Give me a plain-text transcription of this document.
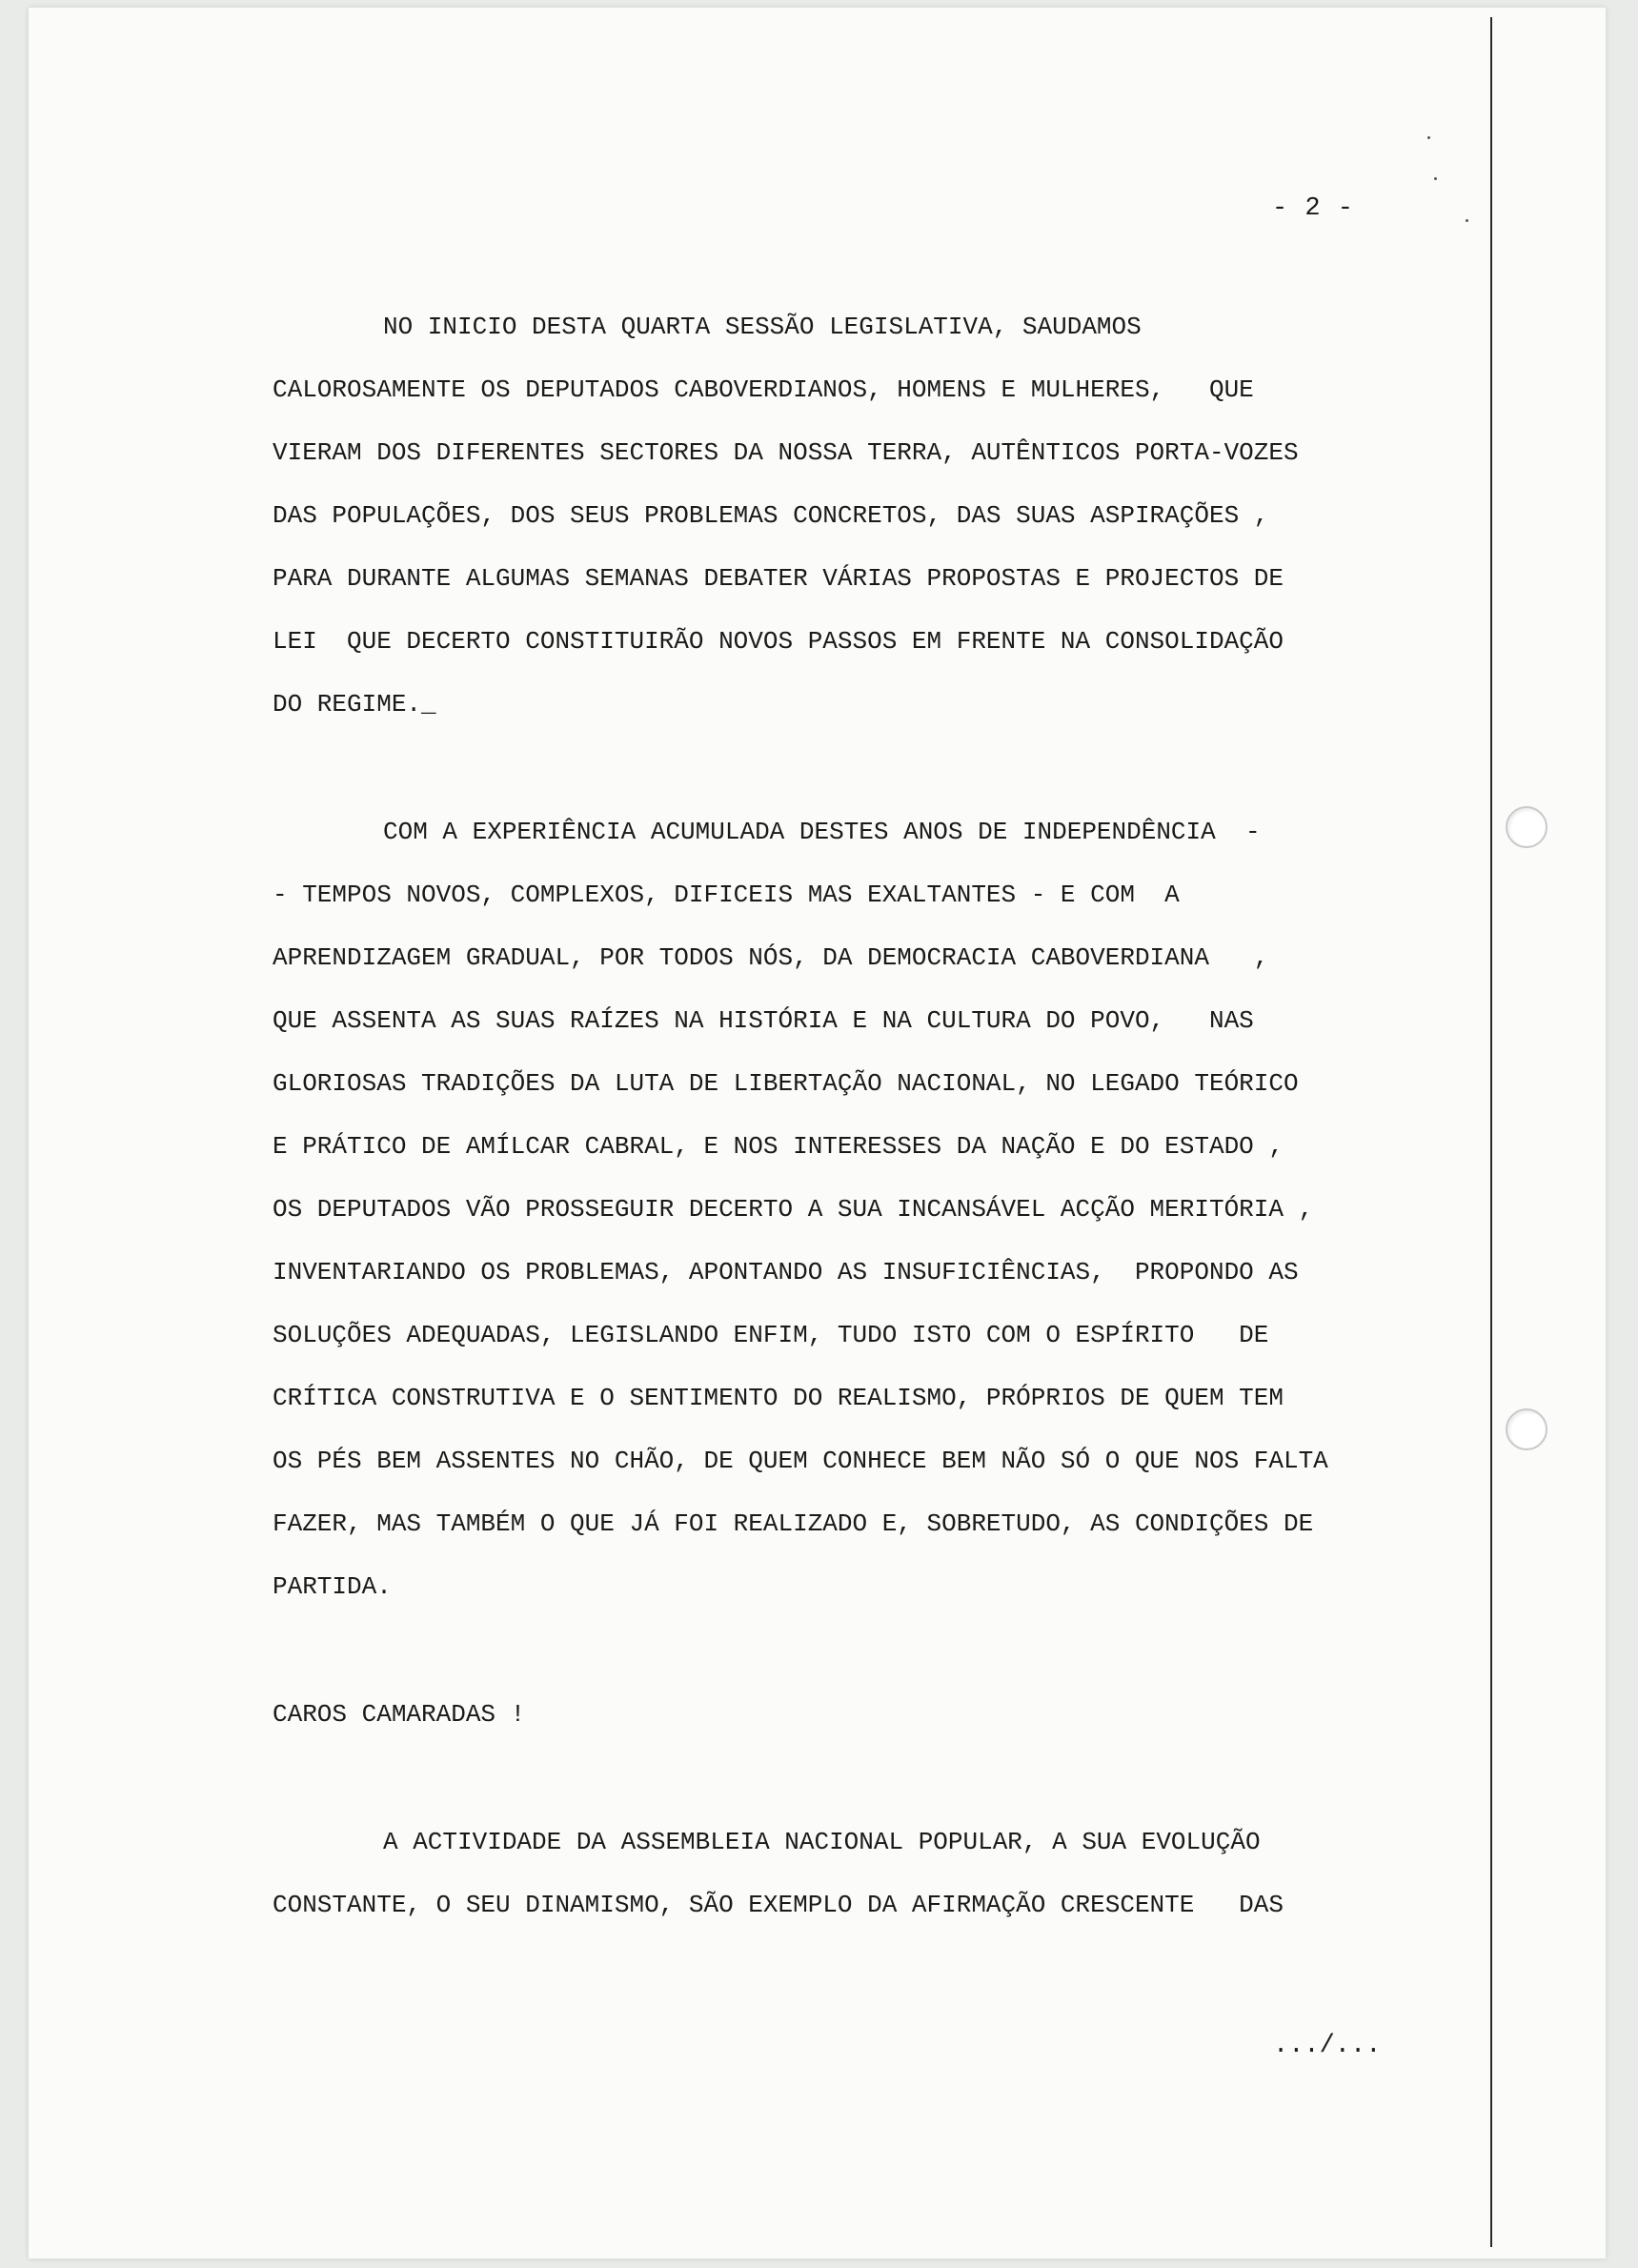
- 2 -
NO INICIO DESTA QUARTA SESSÃO LEGISLATIVA, SAUDAMOS
CALOROSAMENTE OS DEPUTADOS CABOVERDIANOS, HOMENS E MULHERES,   QUE
VIERAM DOS DIFERENTES SECTORES DA NOSSA TERRA, AUTÊNTICOS PORTA-VOZES
DAS POPULAÇÕES, DOS SEUS PROBLEMAS CONCRETOS, DAS SUAS ASPIRAÇÕES ,
PARA DURANTE ALGUMAS SEMANAS DEBATER VÁRIAS PROPOSTAS E PROJECTOS DE
LEI  QUE DECERTO CONSTITUIRÃO NOVOS PASSOS EM FRENTE NA CONSOLIDAÇÃO
DO REGIME._
COM A EXPERIÊNCIA ACUMULADA DESTES ANOS DE INDEPENDÊNCIA  -
- TEMPOS NOVOS, COMPLEXOS, DIFICEIS MAS EXALTANTES - E COM  A
APRENDIZAGEM GRADUAL, POR TODOS NÓS, DA DEMOCRACIA CABOVERDIANA   ,
QUE ASSENTA AS SUAS RAÍZES NA HISTÓRIA E NA CULTURA DO POVO,   NAS
GLORIOSAS TRADIÇÕES DA LUTA DE LIBERTAÇÃO NACIONAL, NO LEGADO TEÓRICO
E PRÁTICO DE AMÍLCAR CABRAL, E NOS INTERESSES DA NAÇÃO E DO ESTADO ,
OS DEPUTADOS VÃO PROSSEGUIR DECERTO A SUA INCANSÁVEL ACÇÃO MERITÓRIA ,
INVENTARIANDO OS PROBLEMAS, APONTANDO AS INSUFICIÊNCIAS,  PROPONDO AS
SOLUÇÕES ADEQUADAS, LEGISLANDO ENFIM, TUDO ISTO COM O ESPÍRITO   DE
CRÍTICA CONSTRUTIVA E O SENTIMENTO DO REALISMO, PRÓPRIOS DE QUEM TEM
OS PÉS BEM ASSENTES NO CHÃO, DE QUEM CONHECE BEM NÃO SÓ O QUE NOS FALTA
FAZER, MAS TAMBÉM O QUE JÁ FOI REALIZADO E, SOBRETUDO, AS CONDIÇÕES DE
PARTIDA.
CAROS CAMARADAS !
A ACTIVIDADE DA ASSEMBLEIA NACIONAL POPULAR, A SUA EVOLUÇÃO
CONSTANTE, O SEU DINAMISMO, SÃO EXEMPLO DA AFIRMAÇÃO CRESCENTE   DAS
.../...
